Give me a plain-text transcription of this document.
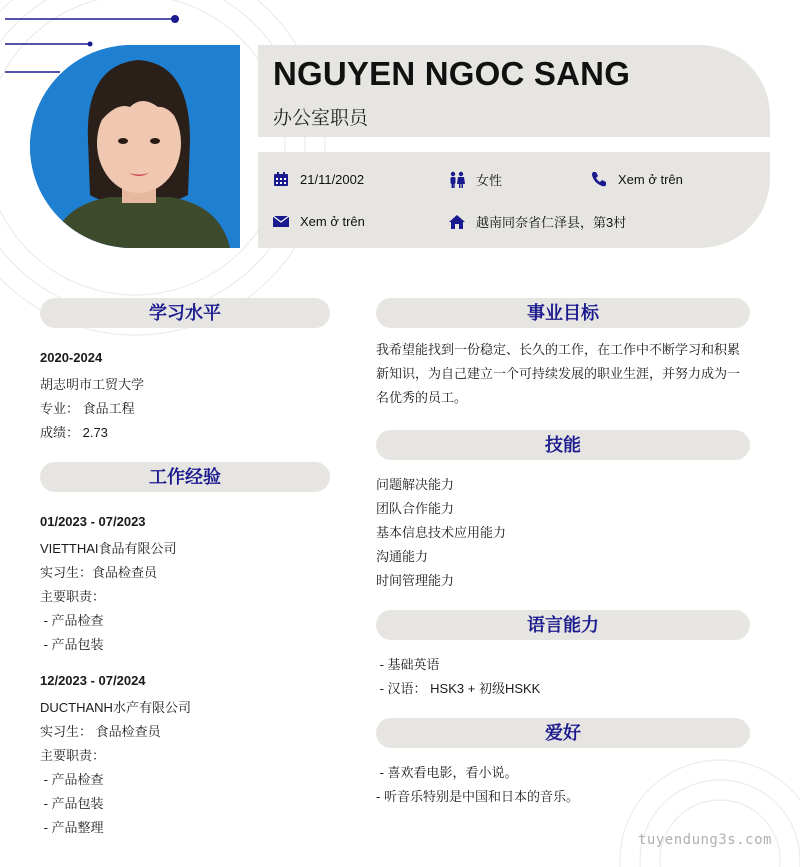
NGUYEN NGOC SANG
办公室职员
21/11/2002	女性	Xem ở trên
Xem ở trên	越南同奈省仁泽县，第3村
学习水平
2020-2024
胡志明市工贸大学
专业： 食品工程
成绩： 2.73
工作经验
01/2023 - 07/2023
VIETTHAI食品有限公司
实习生：食品检查员
主要职责：
- 产品检查
- 产品包装
12/2023 - 07/2024
DUCTHANH水产有限公司
实习生： 食品检查员
主要职责：
- 产品检查
- 产品包装
- 产品整理
事业目标
我希望能找到一份稳定、长久的工作，在工作中不断学习和积累新知识，为自己建立一个可持续发展的职业生涯，并努力成为一名优秀的员工。
技能
问题解决能力
团队合作能力
基本信息技术应用能力
沟通能力
时间管理能力
语言能力
- 基础英语
- 汉语： HSK3 + 初级HSKK
爱好
- 喜欢看电影，看小说。
- 听音乐特别是中国和日本的音乐。
tuyendung3s.com
